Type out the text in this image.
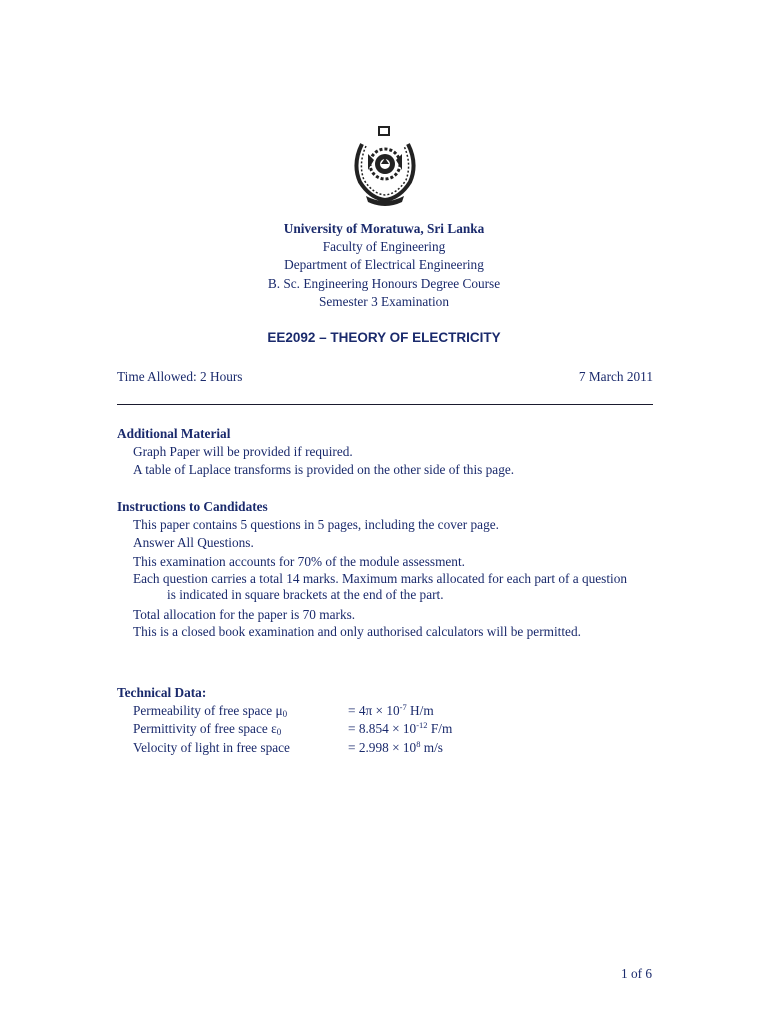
University of Moratuwa, Sri Lanka
Faculty of Engineering
Department of Electrical Engineering
B. Sc. Engineering Honours Degree Course
Semester 3 Examination
EE2092 – THEORY OF ELECTRICITY
Time Allowed: 2 Hours	7 March 2011
Additional Material
Graph Paper will be provided if required.
A table of Laplace transforms is provided on the other side of this page.
Instructions to Candidates
This paper contains 5 questions in 5 pages, including the cover page.
Answer All Questions.
This examination accounts for 70% of the module assessment.
Each question carries a total 14 marks. Maximum marks allocated for each part of a question is indicated in square brackets at the end of the part.
Total allocation for the paper is 70 marks.
This is a closed book examination and only authorised calculators will be permitted.
Technical Data:
Permeability of free space $\mu_0$	= $4\pi \times 10^{-7}$ H/m
Permittivity of free space $\varepsilon_0$	= $8.854 \times 10^{-12}$ F/m
Velocity of light in free space	= $2.998 \times 10^8$ m/s
1 of 6
